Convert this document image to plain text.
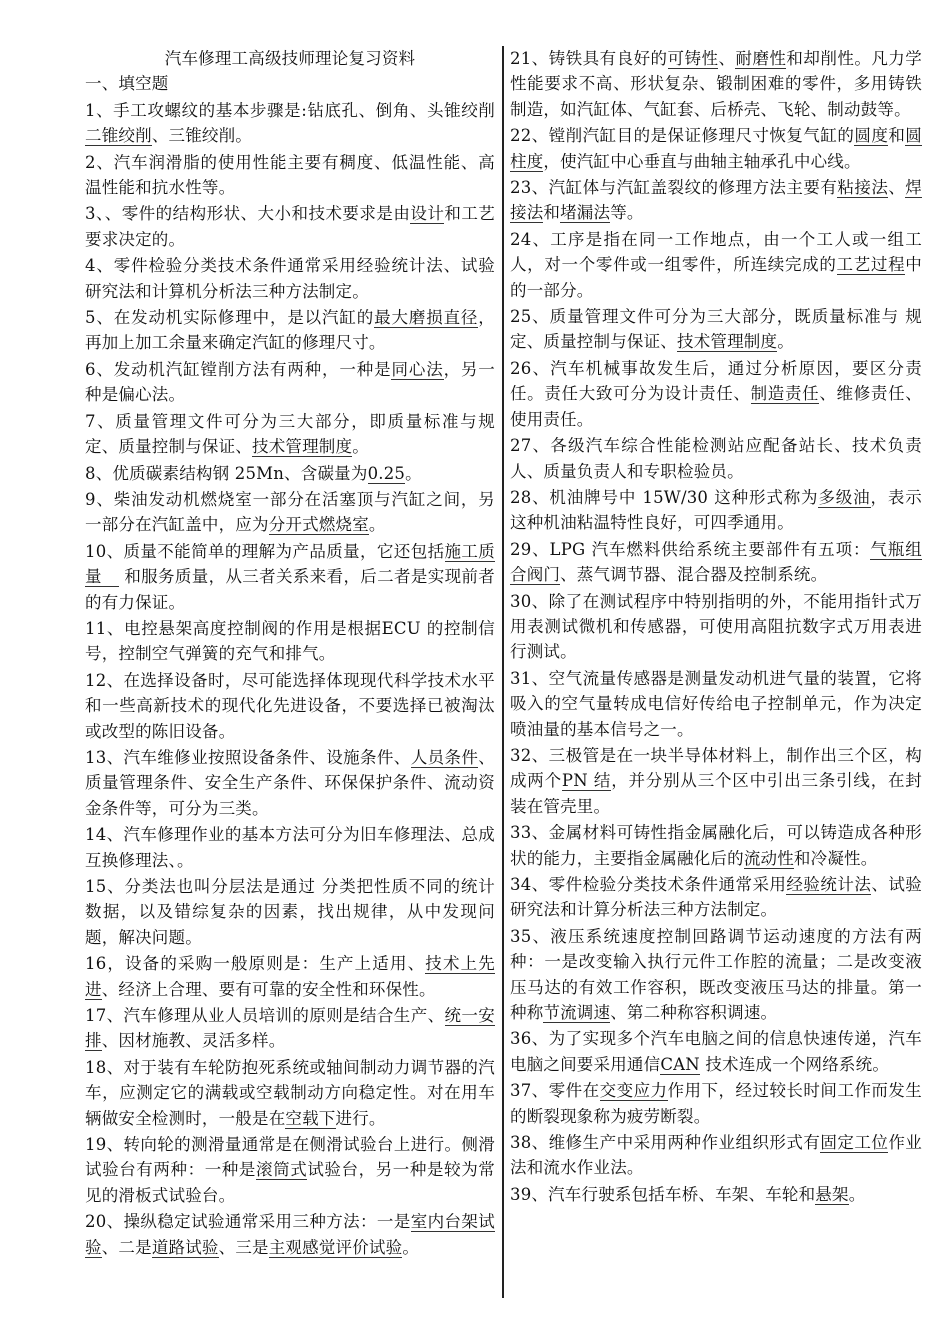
汽车修理工高级技师理论复习资料
一、填空题
1、手工攻螺纹的基本步骤是:钻底孔、倒角、头锥绞削二锥绞削、三锥绞削。
2、汽车润滑脂的使用性能主要有稠度、低温性能、高温性能和抗水性等。
3、、零件的结构形状、大小和技术要求是由设计和工艺要求决定的。
4、零件检验分类技术条件通常采用经验统计法、试验研究法和计算机分析法三种方法制定。
5、在发动机实际修理中，是以汽缸的最大磨损直径，再加上加工余量来确定汽缸的修理尺寸。
6、发动机汽缸镗削方法有两种，一种是同心法，另一种是偏心法。
7、质量管理文件可分为三大部分，即质量标准与规定、质量控制与保证、技术管理制度。
8、优质碳素结构钢 25Mn、含碳量为0.25。
9、柴油发动机燃烧室一部分在活塞顶与汽缸之间，另一部分在汽缸盖中，应为分开式燃烧室。
10、质量不能简单的理解为产品质量，它还包括施工质量　 和服务质量，从三者关系来看，后二者是实现前者的有力保证。
11、电控悬架高度控制阀的作用是根据ECU 的控制信号，控制空气弹簧的充气和排气。
12、在选择设备时，尽可能选择体现现代科学技术水平和一些高新技术的现代化先进设备，不要选择已被淘汰或改型的陈旧设备。
13、汽车维修业按照设备条件、设施条件、人员条件、质量管理条件、安全生产条件、环保保护条件、流动资金条件等，可分为三类。
14、汽车修理作业的基本方法可分为旧车修理法、总成互换修理法、。
15、分类法也叫分层法是通过 分类把性质不同的统计数据，以及错综复杂的因素，找出规律，从中发现问题，解决问题。
16，设备的采购一般原则是：生产上适用、技术上先进、经济上合理、要有可靠的安全性和环保性。
17、汽车修理从业人员培训的原则是结合生产、统一安排、因材施教、灵活多样。
18、对于装有车轮防抱死系统或轴间制动力调节器的汽车，应测定它的满载或空载制动方向稳定性。对在用车辆做安全检测时，一般是在空载下进行。
19、转向轮的测滑量通常是在侧滑试验台上进行。侧滑试验台有两种：一种是滚筒式试验台，另一种是较为常见的滑板式试验台。
20、操纵稳定试验通常采用三种方法：一是室内台架试验、二是道路试验、三是主观感觉评价试验。
21、铸铁具有良好的可铸性、耐磨性和却削性。凡力学性能要求不高、形状复杂、锻制困难的零件，多用铸铁制造，如汽缸体、气缸套、后桥壳、飞轮、制动鼓等。
22、镗削汽缸目的是保证修理尺寸恢复气缸的圆度和圆柱度，使汽缸中心垂直与曲轴主轴承孔中心线。
23、汽缸体与汽缸盖裂纹的修理方法主要有粘接法、焊接法和堵漏法等。
24、工序是指在同一工作地点，由一个工人或一组工人，对一个零件或一组零件，所连续完成的工艺过程中的一部分。
25、质量管理文件可分为三大部分，既质量标准与 规定、质量控制与保证、技术管理制度。
26、汽车机械事故发生后，通过分析原因，要区分责任。责任大致可分为设计责任、制造责任、维修责任、使用责任。
27、各级汽车综合性能检测站应配备站长、技术负责人、质量负责人和专职检验员。
28、机油牌号中 15W/30 这种形式称为多级油，表示这种机油粘温特性良好，可四季通用。
29、LPG 汽车燃料供给系统主要部件有五项：气瓶组合阀门、蒸气调节器、混合器及控制系统。
30、除了在测试程序中特别指明的外，不能用指针式万用表测试微机和传感器，可使用高阻抗数字式万用表进行测试。
31、空气流量传感器是测量发动机进气量的装置，它将吸入的空气量转成电信好传给电子控制单元，作为决定喷油量的基本信号之一。
32、三极管是在一块半导体材料上，制作出三个区，构成两个PN 结，并分别从三个区中引出三条引线，在封装在管壳里。
33、金属材料可铸性指金属融化后，可以铸造成各种形状的能力，主要指金属融化后的流动性和冷凝性。
34、零件检验分类技术条件通常采用经验统计法、试验研究法和计算分析法三种方法制定。
35、液压系统速度控制回路调节运动速度的方法有两种：一是改变输入执行元件工作腔的流量；二是改变液压马达的有效工作容积，既改变液压马达的排量。第一种称节流调速、第二种称容积调速。
36、为了实现多个汽车电脑之间的信息快速传递，汽车电脑之间要采用通信CAN 技术连成一个网络系统。
37、零件在交变应力作用下，经过较长时间工作而发生的断裂现象称为疲劳断裂。
38、维修生产中采用两种作业组织形式有固定工位作业法和流水作业法。
39、汽车行驶系包括车桥、车架、车轮和悬架。
